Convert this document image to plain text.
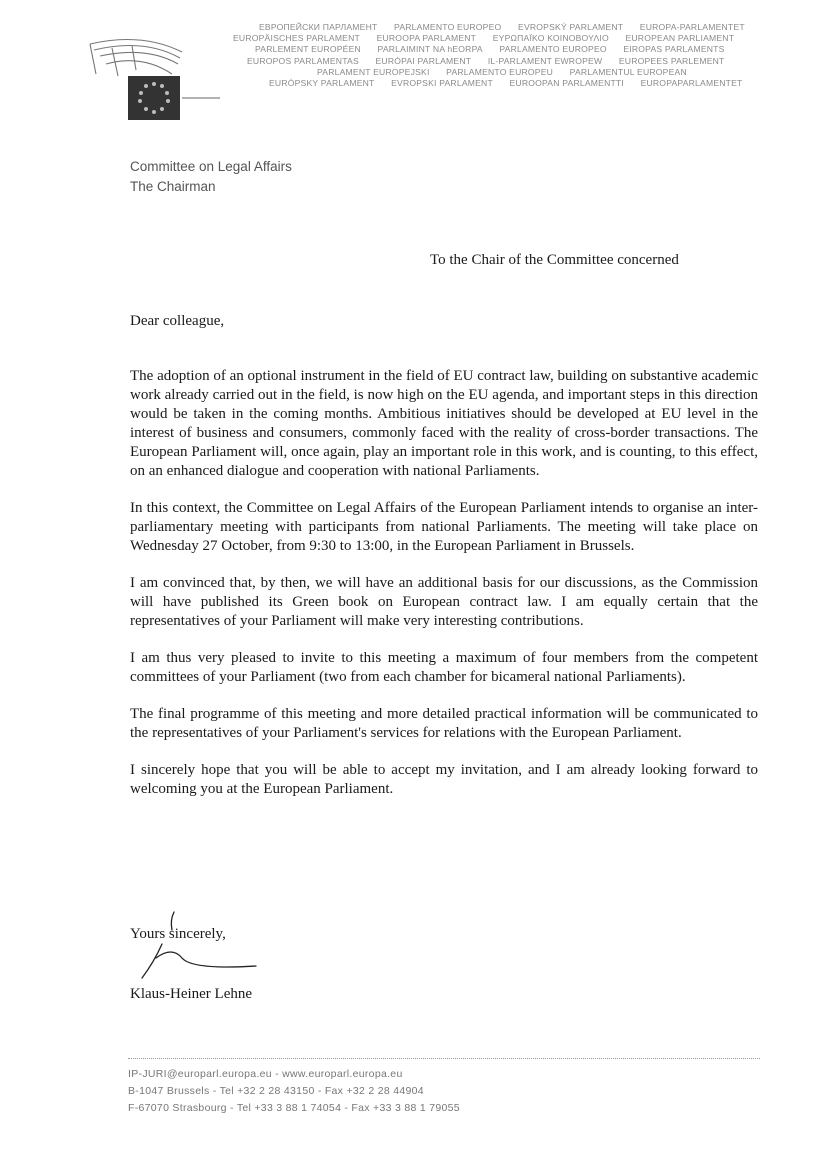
ЕВРОПЕЙСКИ ПАРЛАМЕНТ PARLAMENTO EUROPEO EVROPSKÝ PARLAMENT EUROPA-PARLAMENTET
EUROPÄISCHES PARLAMENT EUROOPA PARLAMENT ΕΥΡΩΠΑΪΚΟ ΚΟΙΝΟΒΟΥΛΙΟ EUROPEAN PARLIAMENT
PARLEMENT EUROPÉEN PARLAIMINT NA hEORPA PARLAMENTO EUROPEO EIROPAS PARLAMENTS
EUROPOS PARLAMENTAS EURÓPAI PARLAMENT IL-PARLAMENT EWROPEW EUROPEES PARLEMENT
PARLAMENT EUROPEJSKI PARLAMENTO EUROPEU PARLAMENTUL EUROPEAN
EURÓPSKY PARLAMENT EVROPSKI PARLAMENT EUROOPAN PARLAMENTTI EUROPAPARLAMENTET
Committee on Legal Affairs
The Chairman
To the Chair of the Committee concerned
Dear colleague,

The adoption of an optional instrument in the field of EU contract law, building on substantive academic work already carried out in the field, is now high on the EU agenda, and important steps in this direction would be taken in the coming months. Ambitious initiatives should be developed at EU level in the interest of business and consumers, commonly faced with the reality of cross-border transactions. The European Parliament will, once again, play an important role in this work, and is counting, to this effect, on an enhanced dialogue and cooperation with national Parliaments.

In this context, the Committee on Legal Affairs of the European Parliament intends to organise an inter-parliamentary meeting with participants from national Parliaments. The meeting will take place on Wednesday 27 October, from 9:30 to 13:00, in the European Parliament in Brussels.

I am convinced that, by then, we will have an additional basis for our discussions, as the Commission will have published its Green book on European contract law. I am equally certain that the representatives of your Parliament will make very interesting contributions.

I am thus very pleased to invite to this meeting a maximum of four members from the competent committees of your Parliament (two from each chamber for bicameral national Parliaments).

The final programme of this meeting and more detailed practical information will be communicated to the representatives of your Parliament's services for relations with the European Parliament.

I sincerely hope that you will be able to accept my invitation, and I am already looking forward to welcoming you at the European Parliament.

Yours sincerely,
Klaus-Heiner Lehne
IP-JURI@europarl.europa.eu - www.europarl.europa.eu
B-1047 Brussels - Tel +32 2 28 43150 - Fax +32 2 28 44904
F-67070 Strasbourg - Tel +33 3 88 1 74054 - Fax +33 3 88 1 79055
